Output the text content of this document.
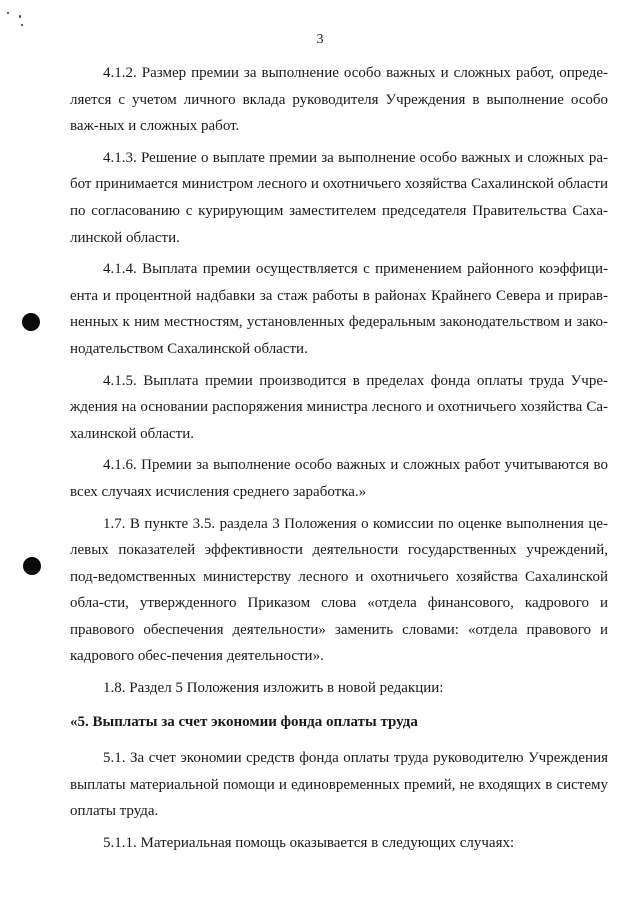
3

4.1.2. Размер премии за выполнение особо важных и сложных работ, опреде-ляется с учетом личного вклада руководителя Учреждения в выполнение особо важ-ных и сложных работ.

4.1.3. Решение о выплате премии за выполнение особо важных и сложных ра-бот принимается министром лесного и охотничьего хозяйства Сахалинской области по согласованию с курирующим заместителем председателя Правительства Саха-линской области.

4.1.4. Выплата премии осуществляется с применением районного коэффици-ента и процентной надбавки за стаж работы в районах Крайнего Севера и прирав-ненных к ним местностям, установленных федеральным законодательством и зако-нодательством Сахалинской области.

4.1.5. Выплата премии производится в пределах фонда оплаты труда Учре-ждения на основании распоряжения министра лесного и охотничьего хозяйства Са-халинской области.

4.1.6. Премии за выполнение особо важных и сложных работ учитываются во всех случаях исчисления среднего заработка.»

1.7. В пункте 3.5. раздела 3 Положения о комиссии по оценке выполнения це-левых показателей эффективности деятельности государственных учреждений, под-ведомственных министерству лесного и охотничьего хозяйства Сахалинской обла-сти, утвержденного Приказом слова «отдела финансового, кадрового и правового обеспечения деятельности» заменить словами: «отдела правового и кадрового обес-печения деятельности».

1.8. Раздел 5 Положения изложить в новой редакции:

«5. Выплаты за счет экономии фонда оплаты труда

5.1. За счет экономии средств фонда оплаты труда руководителю Учреждения выплаты материальной помощи и единовременных премий, не входящих в систему оплаты труда.

5.1.1. Материальная помощь оказывается в следующих случаях:
